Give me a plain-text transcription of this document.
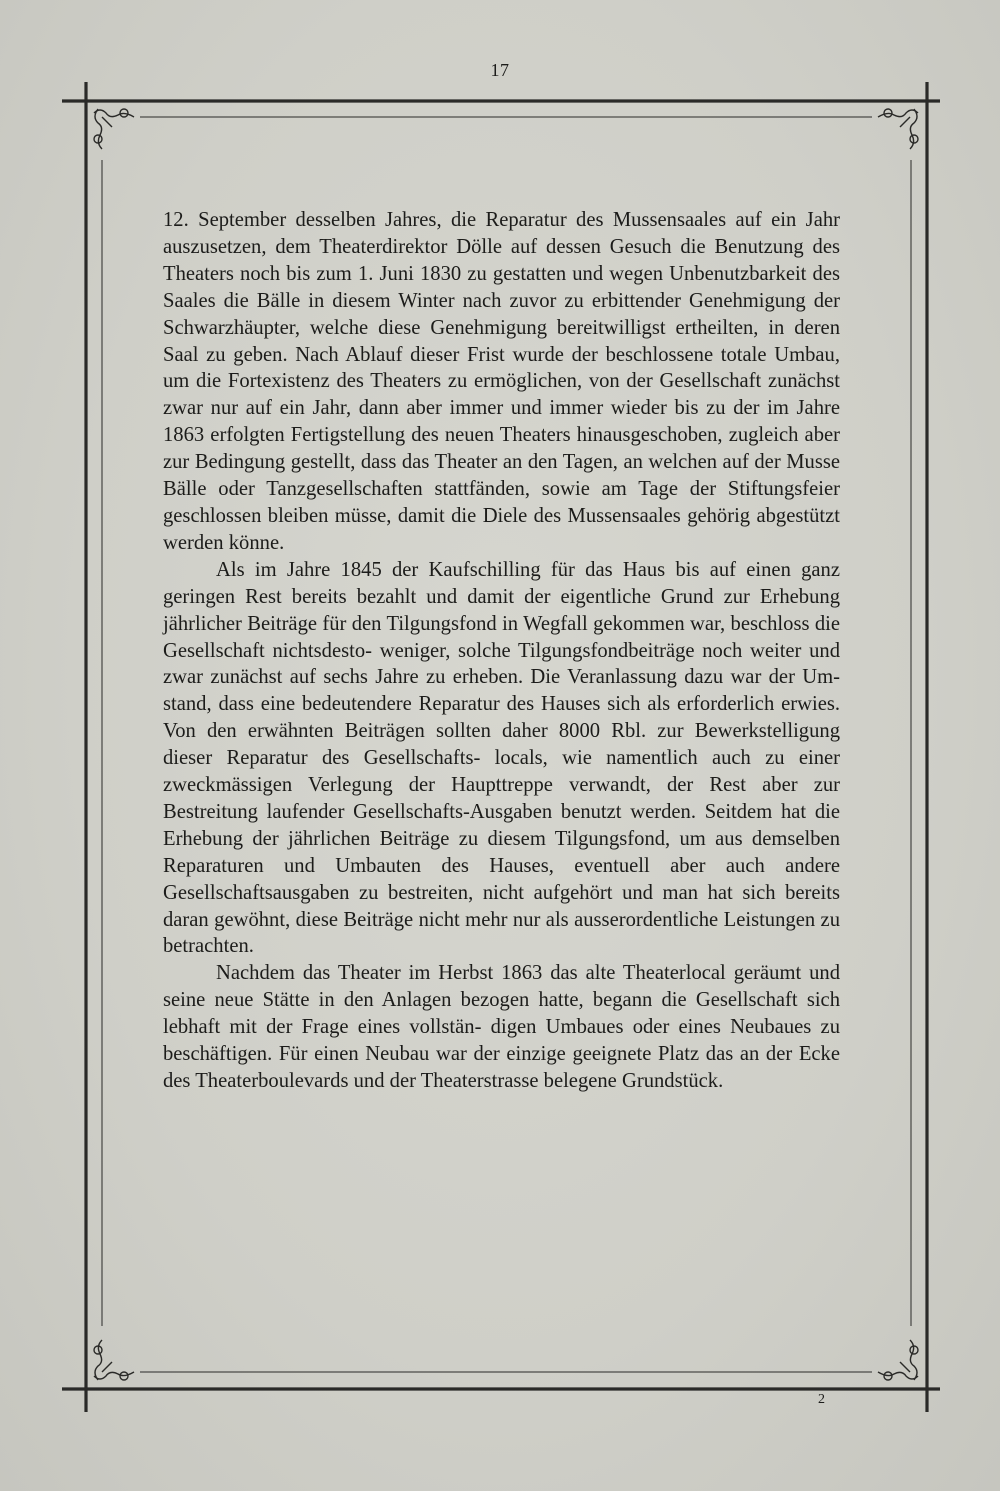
17

12. September desselben Jahres, die Reparatur des Mussensaales auf ein Jahr auszusetzen, dem Theaterdirektor Dölle auf dessen Gesuch die Benutzung des Theaters noch bis zum 1. Juni 1830 zu gestatten und wegen Unbenutzbarkeit des Saales die Bälle in diesem Winter nach zuvor zu erbittender Genehmigung der Schwarzhäupter, welche diese Genehmigung bereitwilligst ertheilten, in deren Saal zu geben. Nach Ablauf dieser Frist wurde der beschlossene totale Umbau, um die Fortexistenz des Theaters zu ermöglichen, von der Gesellschaft zunächst zwar nur auf ein Jahr, dann aber immer und immer wieder bis zu der im Jahre 1863 erfolgten Fertigstellung des neuen Theaters hinausgeschoben, zugleich aber zur Bedingung gestellt, dass das Theater an den Tagen, an welchen auf der Musse Bälle oder Tanzgesellschaften stattfänden, sowie am Tage der Stiftungsfeier geschlossen bleiben müsse, damit die Diele des Mussensaales gehörig abgestützt werden könne.

Als im Jahre 1845 der Kaufschilling für das Haus bis auf einen ganz geringen Rest bereits bezahlt und damit der eigentliche Grund zur Erhebung jährlicher Beiträge für den Tilgungsfond in Wegfall gekommen war, beschloss die Gesellschaft nichtsdesto- weniger, solche Tilgungsfondbeiträge noch weiter und zwar zunächst auf sechs Jahre zu erheben. Die Veranlassung dazu war der Um- stand, dass eine bedeutendere Reparatur des Hauses sich als erforderlich erwies. Von den erwähnten Beiträgen sollten daher 8000 Rbl. zur Bewerkstelligung dieser Reparatur des Gesellschafts- locals, wie namentlich auch zu einer zweckmässigen Verlegung der Haupttreppe verwandt, der Rest aber zur Bestreitung laufender Gesellschafts-Ausgaben benutzt werden. Seitdem hat die Erhebung der jährlichen Beiträge zu diesem Tilgungsfond, um aus demselben Reparaturen und Umbauten des Hauses, eventuell aber auch andere Gesellschaftsausgaben zu bestreiten, nicht aufgehört und man hat sich bereits daran gewöhnt, diese Beiträge nicht mehr nur als ausserordentliche Leistungen zu betrachten.

Nachdem das Theater im Herbst 1863 das alte Theaterlocal geräumt und seine neue Stätte in den Anlagen bezogen hatte, begann die Gesellschaft sich lebhaft mit der Frage eines vollstän- digen Umbaues oder eines Neubaues zu beschäftigen. Für einen Neubau war der einzige geeignete Platz das an der Ecke des Theaterboulevards und der Theaterstrasse belegene Grundstück.

2
